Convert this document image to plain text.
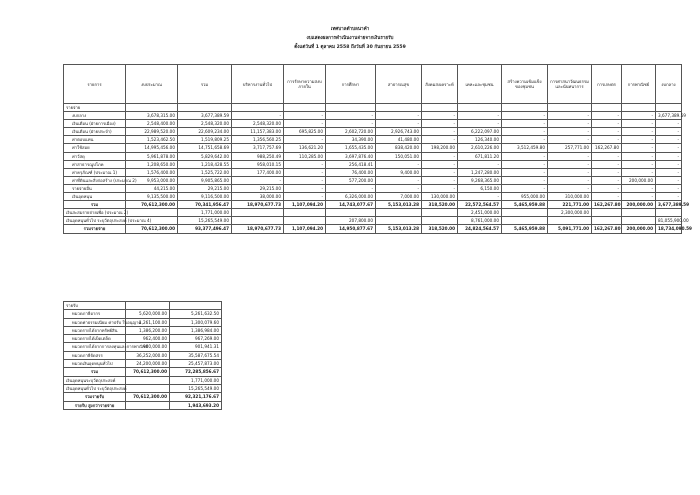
เทศบาลตำบลนาคำ
งบแสดงผลการดำเนินงานจ่ายจากเงินรายรับ
ตั้งแต่วันที่ 1 ตุลาคม 2558 ถึงวันที่ 30 กันยายน 2559
รายการ	งบประมาณ	รวม	บริหารงานทั่วไป	การรักษาความสงบภายใน	การศึกษา	สาธารณสุข	สังคมสงเคราะห์	เคหะและชุมชน	สร้างความเข้มแข็งของชุมชน	การศาสนาวัฒนธรรมและนันทนาการ	การเกษตร	การพาณิชย์	งบกลาง
รายจ่าย													
งบกลาง	3,678,315.00	3,677,389.59	-	-	-	-	-	-	-	-	-	-	3,677,389.59
เงินเดือน (ฝ่ายการเมือง)	2,548,400.00	2,548,320.00	2,548,320.00	-	-	-	-	-	-	-	-	-	-
เงินเดือน (ฝ่ายประจำ)	22,989,520.00	22,609,234.00	11,157,383.00	695,825.00	2,602,720.00	2,926,743.00	-	6,222,097.00	-	-	-	-	-
ค่าตอบแทน	1,523,462.50	1,519,809.25	1,356,560.25	-	34,390.00	41,480.00	-	126,340.00	-	-	-	-	-
ค่าใช้สอย	14,995,456.00	14,751,658.69	3,717,757.69	136,621.20	1,655,435.00	838,420.00	198,200.00	2,610,226.00	3,512,459.80	257,771.00	162,267.80	-	-
ค่าวัสดุ	5,961,878.00	5,829,642.00	988,250.49	110,285.00	3,697,876.40	150,051.00	-	671,811.20	-	-	-	-	-
ค่าสาธารณูปโภค	1,208,650.00	1,218,428.55	958,010.15	-	256,418.41	-	-	-	-	-	-	-	-
ค่าครุภัณฑ์ (ประมาณ 1)	1,576,400.00	1,525,722.00	177,400.00	-	76,400.00	9,400.00	-	1,247,280.00	-	-	-	-	-
ค่าที่ดินและสิ่งก่อสร้าง (ประมาณ 2)	9,953,000.00	9,905,865.00	-	-	577,200.00	-	-	9,268,365.00	-	-	-	200,000.00	-
รายจ่ายอื่น	44,215.00	29,215.00	29,215.00	-	-	-	-	6,150.00	-	-	-	-	-
เงินอุดหนุน	9,135,500.00	9,116,500.00	38,000.00	-	6,326,000.00	7,000.00	130,000.00	-	955,000.00	310,000.00	-	-	-
รวม	70,612,300.00	70,341,956.47	18,970,677.73	1,107,094.20	14,743,077.67	5,153,013.28	318,520.00	22,572,564.57	5,465,959.88	221,771.00	162,267.80	200,000.00	3,677,389.59
เงินสะสมรายจ่ายเพื่อ (ประมาณ 2)		1,771,000.00						2,451,000.00		2,300,000.00			
เงินอุดหนุนทั่วไป ระบุวัตถุประสงค์ (ประมาณ 4)		15,265,549.00			207,800.00			8,761,000.00					81,055,900.00
รวมรายจ่าย	70,612,300.00	93,377,496.47	18,970,677.73	1,107,094.20	14,950,877.67	5,153,013.28	318,520.00	24,824,564.57	5,465,959.88	5,091,771.00	162,267.80	200,000.00	18,734,090.59
รายรับ		
หมวดภาษีอากร	5,620,000.00	5,261,632.50
หมวดค่าธรรมเนียม ค่าปรับ ใบอนุญาต	1,261,100.00	1,300,079.60
หมวดรายได้จากทรัพย์สิน	1,386,200.00	1,386,984.00
หมวดรายได้เบ็ดเตล็ด	962,400.00	967,269.00
หมวดรายได้จากการลงทุนและการพาณิชย์	900,000.00	901,941.31
หมวดภาษีจัดสรร	36,252,000.00	35,587,675.54
หมวดเงินอุดหนุนทั่วไป	24,200,000.00	25,457,873.00
รวม	70,612,300.00	72,285,856.67
เงินอุดหนุนระบุวัตถุประสงค์		1,771,000.00
เงินอุดหนุนทั่วไป ระบุวัตถุประสงค์		15,265,549.00
รวมรายรับ	70,612,300.00	92,321,176.67
รายรับ สูงกว่ารายจ่าย		1,943,693.20
